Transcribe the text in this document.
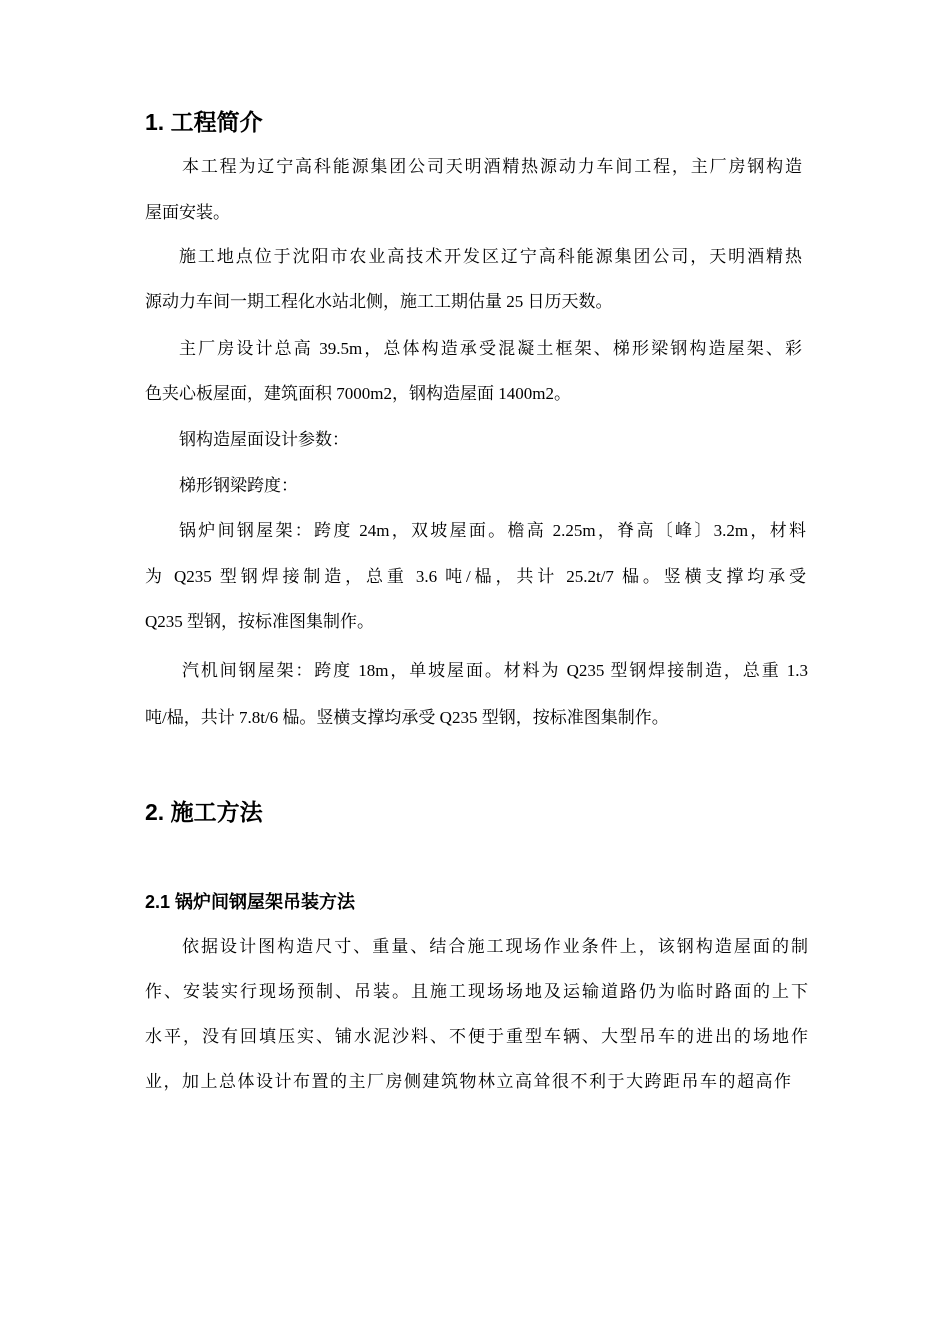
1. 工程简介
本工程为辽宁高科能源集团公司天明酒精热源动力车间工程，主厂房钢构造
屋面安装。
施工地点位于沈阳市农业高技术开发区辽宁高科能源集团公司，天明酒精热
源动力车间一期工程化水站北侧，施工工期估量 25 日历天数。
主厂房设计总高 39.5m，总体构造承受混凝土框架、梯形梁钢构造屋架、彩
色夹心板屋面，建筑面积 7000m2，钢构造屋面 1400m2。
钢构造屋面设计参数：
梯形钢梁跨度：
锅炉间钢屋架：跨度 24m，双坡屋面。檐高 2.25m，脊高〔峰〕3.2m，材料
为 Q235 型钢焊接制造，总重 3.6 吨/榀，共计 25.2t/7 榀。竖横支撑均承受
Q235 型钢，按标准图集制作。
汽机间钢屋架：跨度 18m，单坡屋面。材料为 Q235 型钢焊接制造，总重 1.3
吨/榀，共计 7.8t/6 榀。竖横支撑均承受 Q235 型钢，按标准图集制作。
2. 施工方法
2.1 锅炉间钢屋架吊装方法
依据设计图构造尺寸、重量、结合施工现场作业条件上，该钢构造屋面的制
作、安装实行现场预制、吊装。且施工现场场地及运输道路仍为临时路面的上下
水平，没有回填压实、铺水泥沙料、不便于重型车辆、大型吊车的进出的场地作
业，加上总体设计布置的主厂房侧建筑物林立高耸很不利于大跨距吊车的超高作
